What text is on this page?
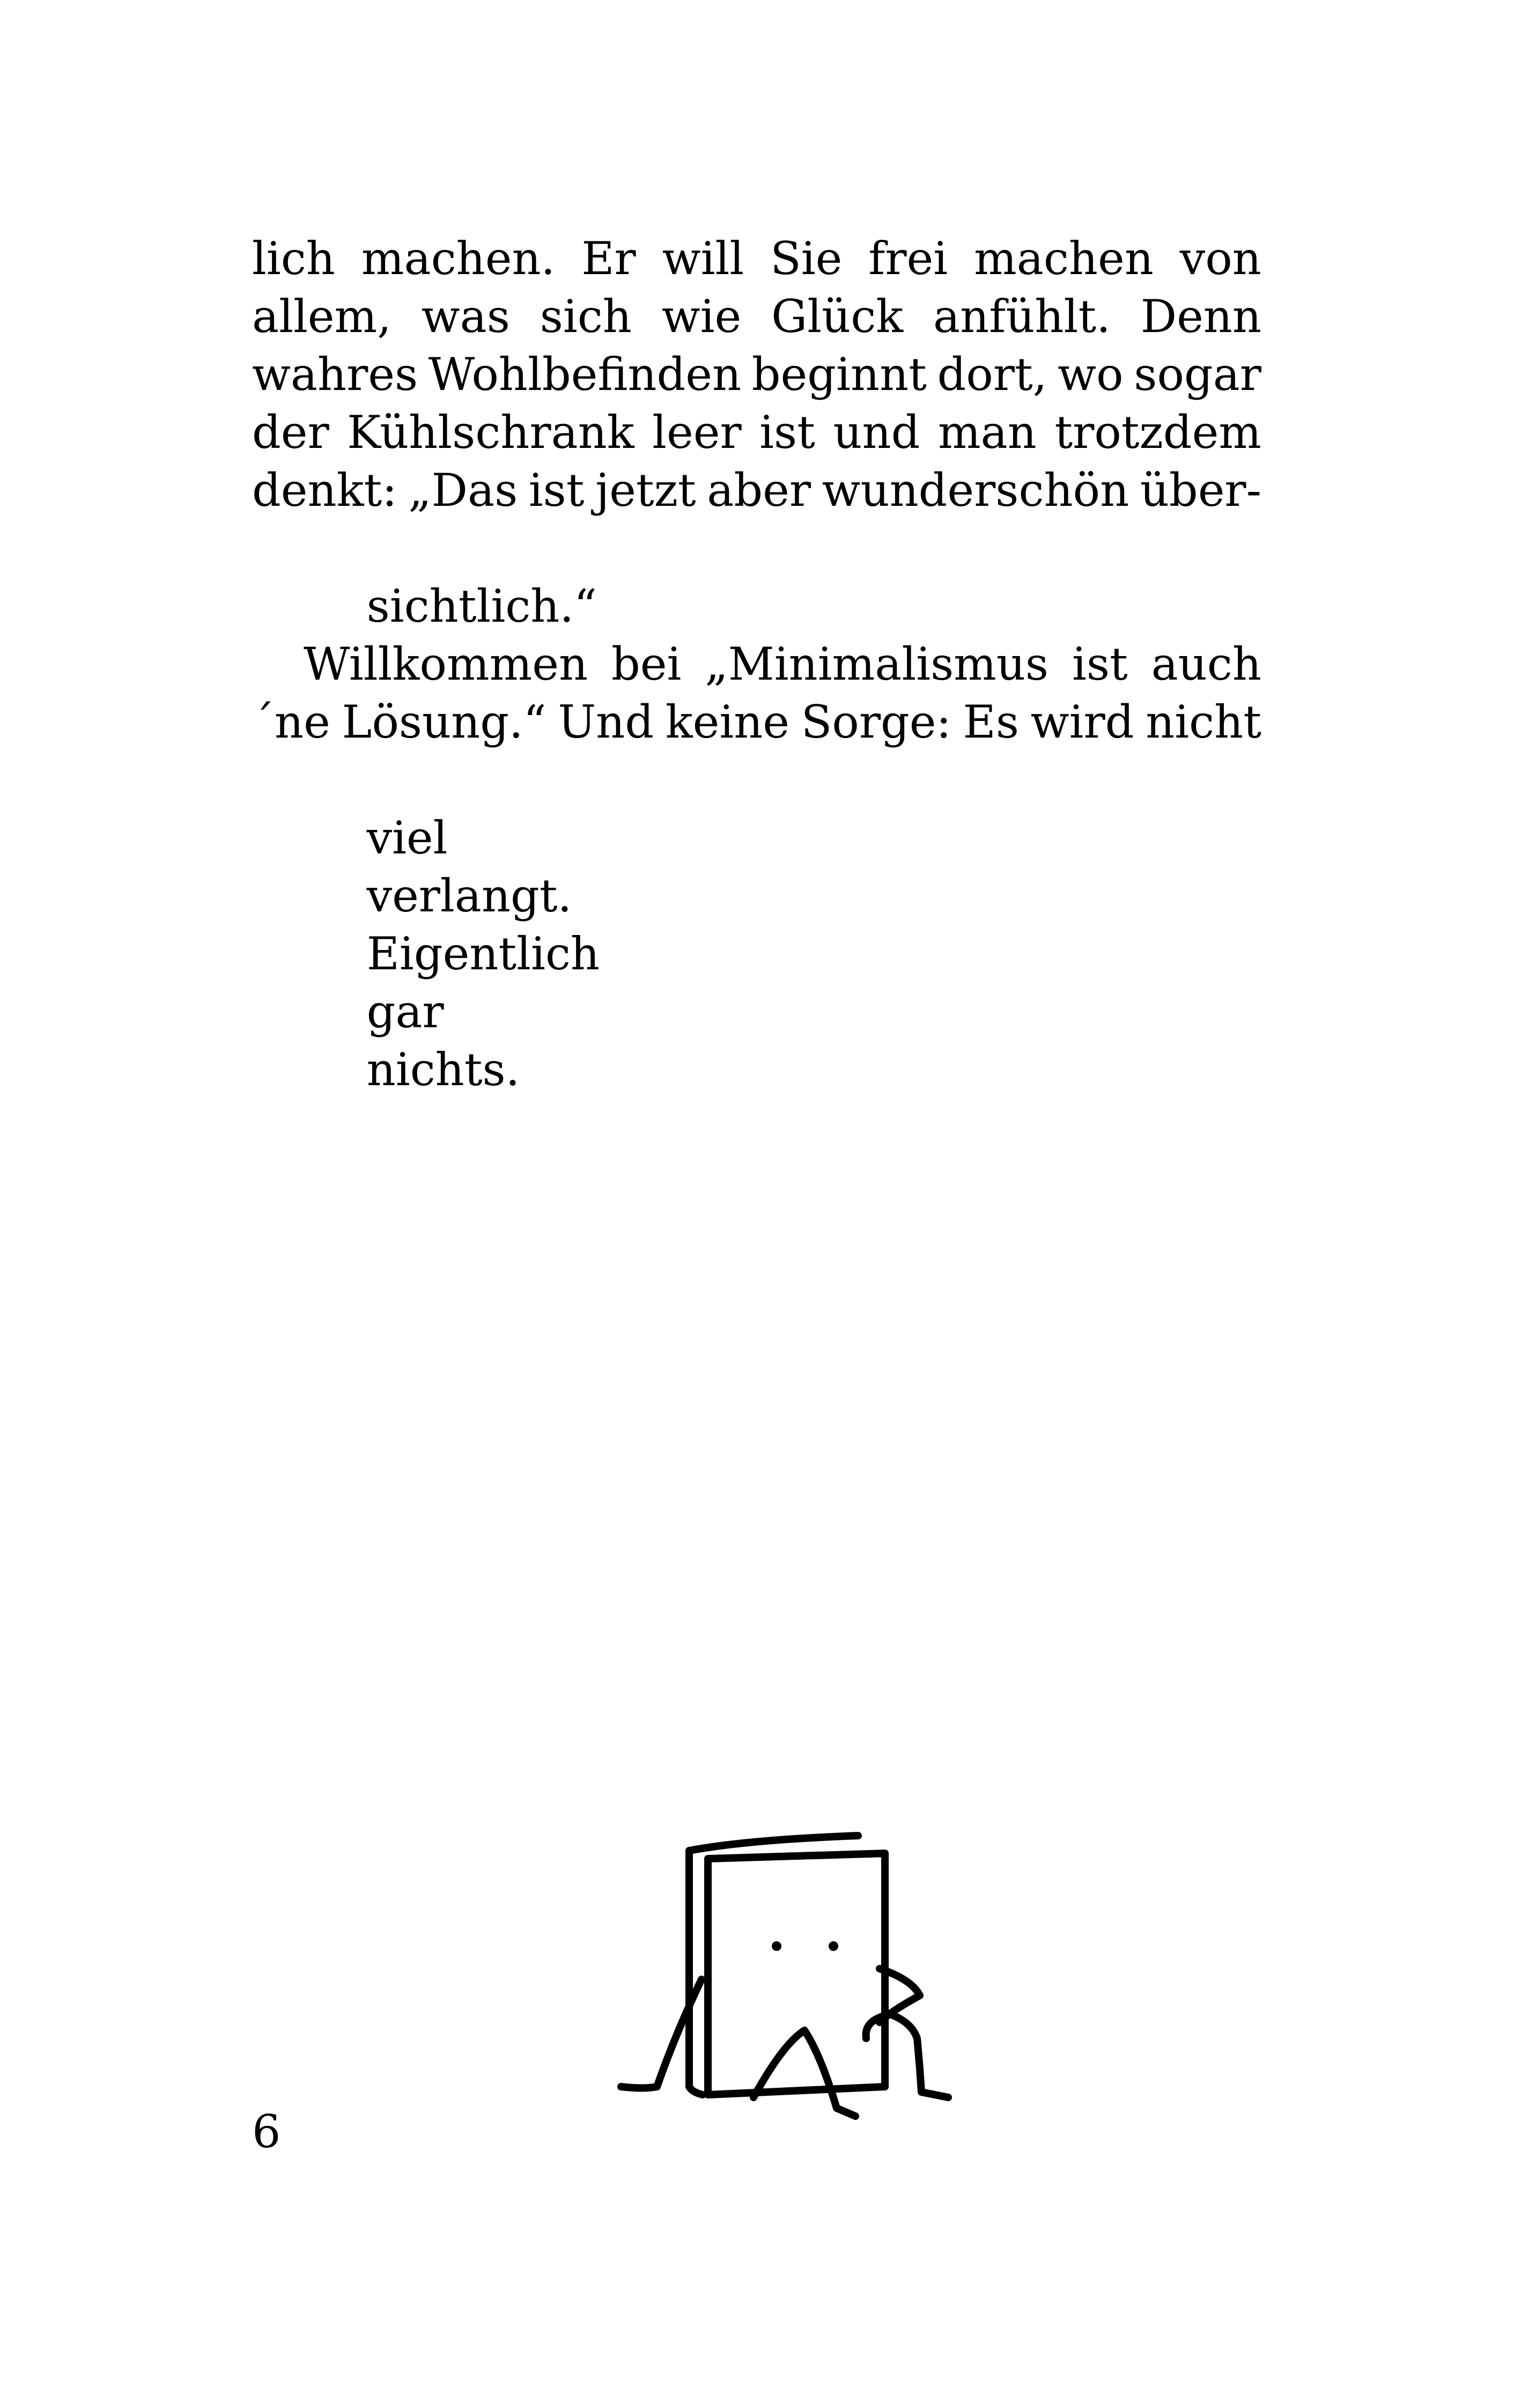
lich machen. Er will Sie frei machen von
allem, was sich wie Glück anfühlt. Denn
wahres Wohlbefinden beginnt dort, wo sogar
der Kühlschrank leer ist und man trotzdem
denkt: „Das ist jetzt aber wunderschön über-

sichtlich.“

Willkommen bei „Minimalismus ist auch
´ne Lösung.“ Und keine Sorge: Es wird nicht

viel
verlangt.
Eigentlich
gar
nichts.

6
